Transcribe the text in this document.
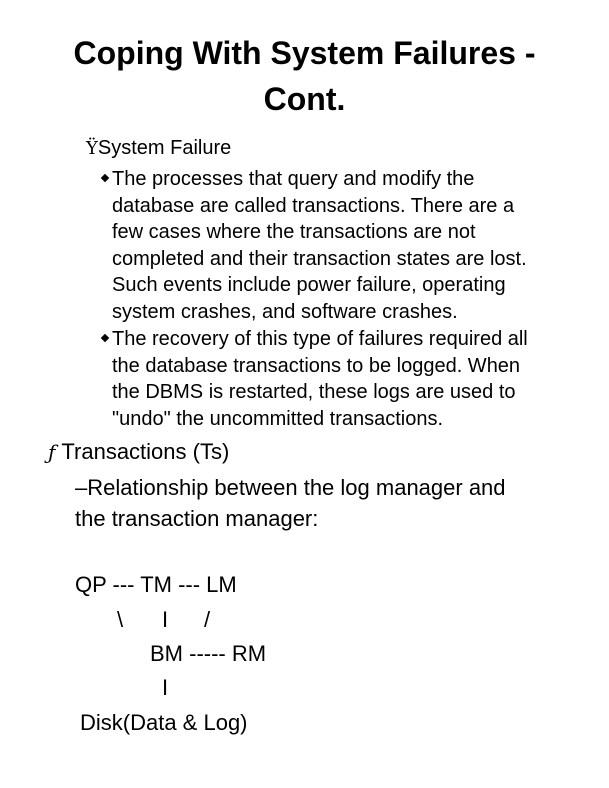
Coping With System Failures -
Cont.
ŸSystem Failure
The processes that query and modify the
database are called transactions. There are a
few cases where the transactions are not
completed and their transaction states are lost.
Such events include power failure, operating
system crashes, and software crashes.
The recovery of this type of failures required all
the database transactions to be logged. When
the DBMS is restarted, these logs are used to
"undo" the uncommitted transactions.
ƒ Transactions (Ts)
–Relationship between the log manager and
the transaction manager:
QP --- TM --- LM
\ I /
BM ----- RM
I
Disk(Data & Log)
